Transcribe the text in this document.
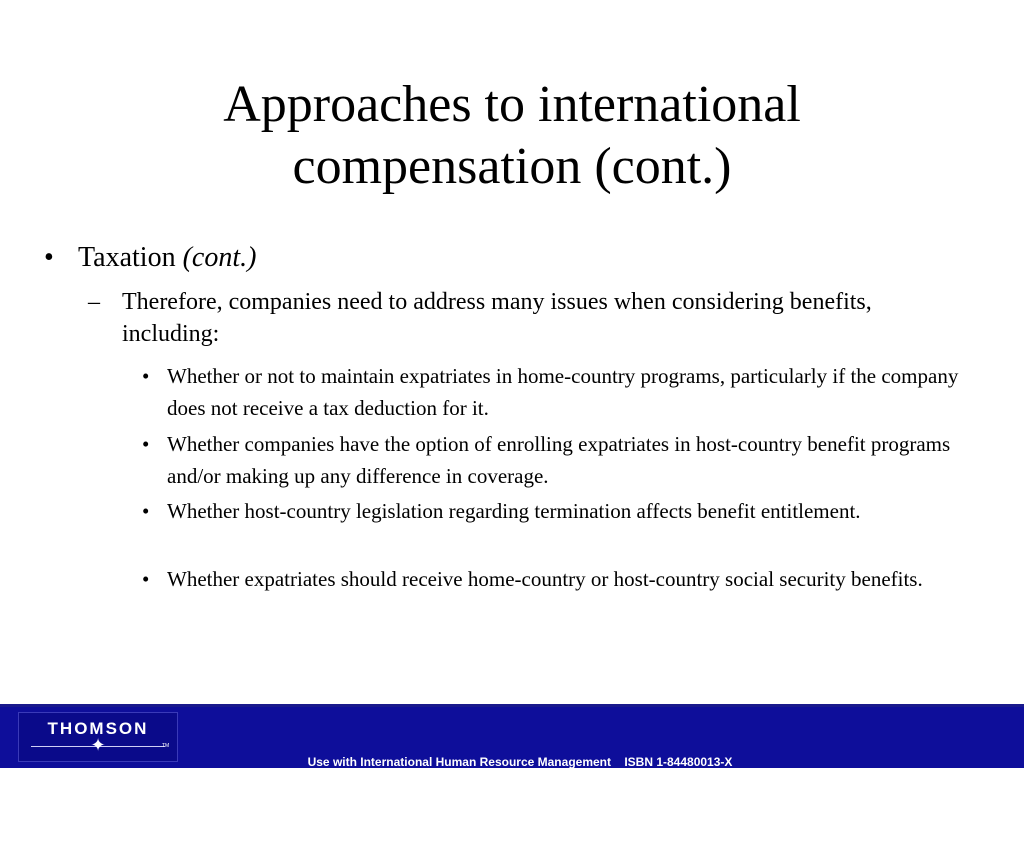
Approaches to international
compensation (cont.)
• Taxation (cont.)
– Therefore, companies need to address many issues when considering benefits, including:
• Whether or not to maintain expatriates in home-country programs, particularly if the company does not receive a tax deduction for it.
• Whether companies have the option of enrolling expatriates in host-country benefit programs and/or making up any difference in coverage.
• Whether host-country legislation regarding termination affects benefit entitlement.
• Whether expatriates should receive home-country or host-country social security benefits.
THOMSON
✦	TM

Use with International Human Resource Management    ISBN 1-84480013-X

Published by Thomson Learning   © Peter Dowling and Denice Welch
